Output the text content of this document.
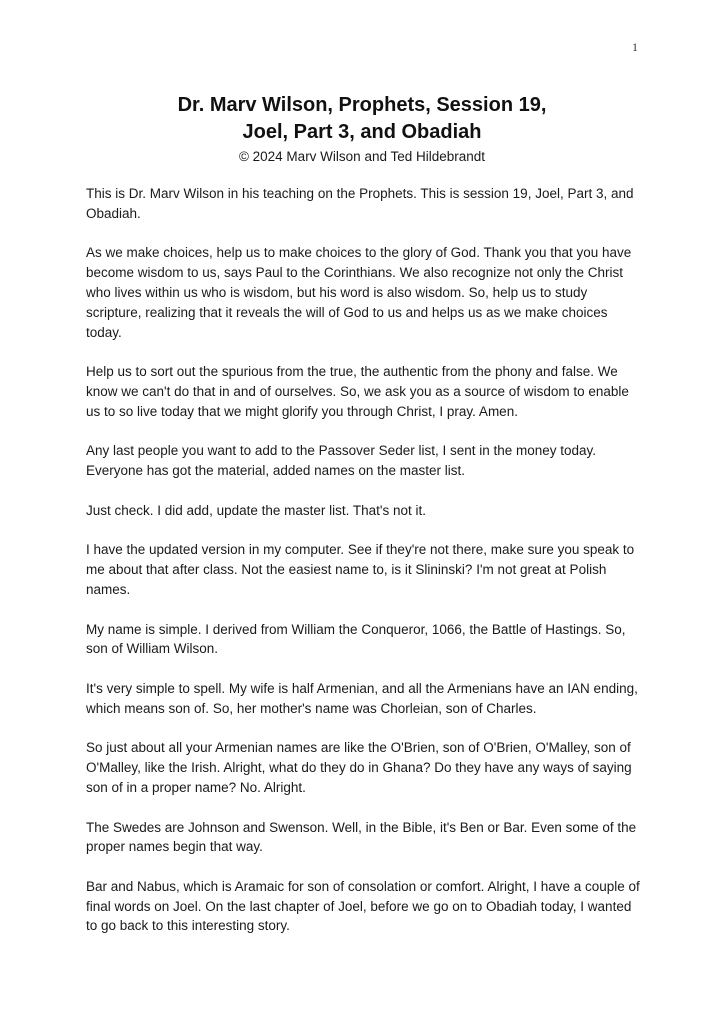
1

Dr. Marv Wilson, Prophets, Session 19,

Joel, Part 3, and Obadiah

© 2024 Marv Wilson and Ted Hildebrandt

This is Dr. Marv Wilson in his teaching on the Prophets. This is session 19, Joel, Part 3, and Obadiah.

As we make choices, help us to make choices to the glory of God. Thank you that you have become wisdom to us, says Paul to the Corinthians. We also recognize not only the Christ who lives within us who is wisdom, but his word is also wisdom. So, help us to study scripture, realizing that it reveals the will of God to us and helps us as we make choices today.

Help us to sort out the spurious from the true, the authentic from the phony and false. We know we can't do that in and of ourselves. So, we ask you as a source of wisdom to enable us to so live today that we might glorify you through Christ, I pray. Amen.

Any last people you want to add to the Passover Seder list, I sent in the money today. Everyone has got the material, added names on the master list.

Just check. I did add, update the master list. That's not it.

I have the updated version in my computer. See if they're not there, make sure you speak to me about that after class. Not the easiest name to, is it Slininski? I'm not great at Polish names.

My name is simple. I derived from William the Conqueror, 1066, the Battle of Hastings. So, son of William Wilson.

It's very simple to spell. My wife is half Armenian, and all the Armenians have an IAN ending, which means son of. So, her mother's name was Chorleian, son of Charles.

So just about all your Armenian names are like the O'Brien, son of O'Brien, O'Malley, son of O'Malley, like the Irish. Alright, what do they do in Ghana? Do they have any ways of saying son of in a proper name? No. Alright.

The Swedes are Johnson and Swenson. Well, in the Bible, it's Ben or Bar. Even some of the proper names begin that way.

Bar and Nabus, which is Aramaic for son of consolation or comfort. Alright, I have a couple of final words on Joel. On the last chapter of Joel, before we go on to Obadiah today, I wanted to go back to this interesting story.
